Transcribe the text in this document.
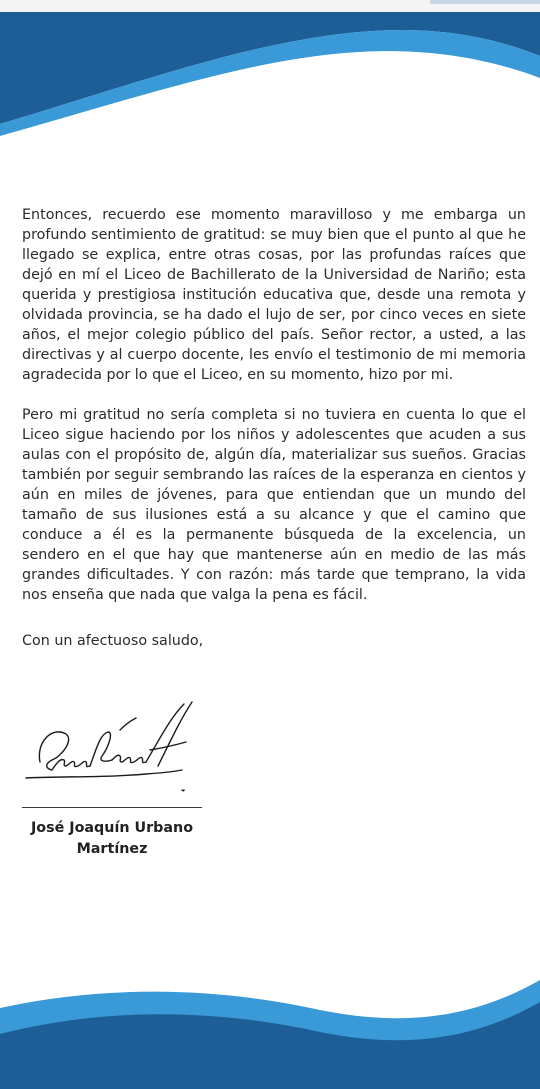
Entonces, recuerdo ese momento maravilloso y me embarga un profundo sentimiento de gratitud: se muy bien que el punto al que he llegado se explica, entre otras cosas, por las profundas raíces que dejó en mí el Liceo de Bachillerato de la Universidad de Nariño; esta querida y prestigiosa institución educativa que, desde una remota y olvidada provincia, se ha dado el lujo de ser, por cinco veces en siete años, el mejor colegio público del país. Señor rector, a usted, a las directivas y al cuerpo docente, les envío el testimonio de mi memoria agradecida por lo que el Liceo, en su momento, hizo por mi.

Pero mi gratitud no sería completa si no tuviera en cuenta lo que el Liceo sigue haciendo por los niños y adolescentes que acuden a sus aulas con el propósito de, algún día, materializar sus sueños. Gracias también por seguir sembrando las raíces de la esperanza en cientos y aún en miles de jóvenes, para que entiendan que un mundo del tamaño de sus ilusiones está a su alcance y que el camino que conduce a él es la permanente búsqueda de la excelencia, un sendero en el que hay que mantenerse aún en medio de las más grandes dificultades. Y con razón: más tarde que temprano, la vida nos enseña que nada que valga la pena es fácil.

Con un afectuoso saludo,

José Joaquín Urbano
Martínez
